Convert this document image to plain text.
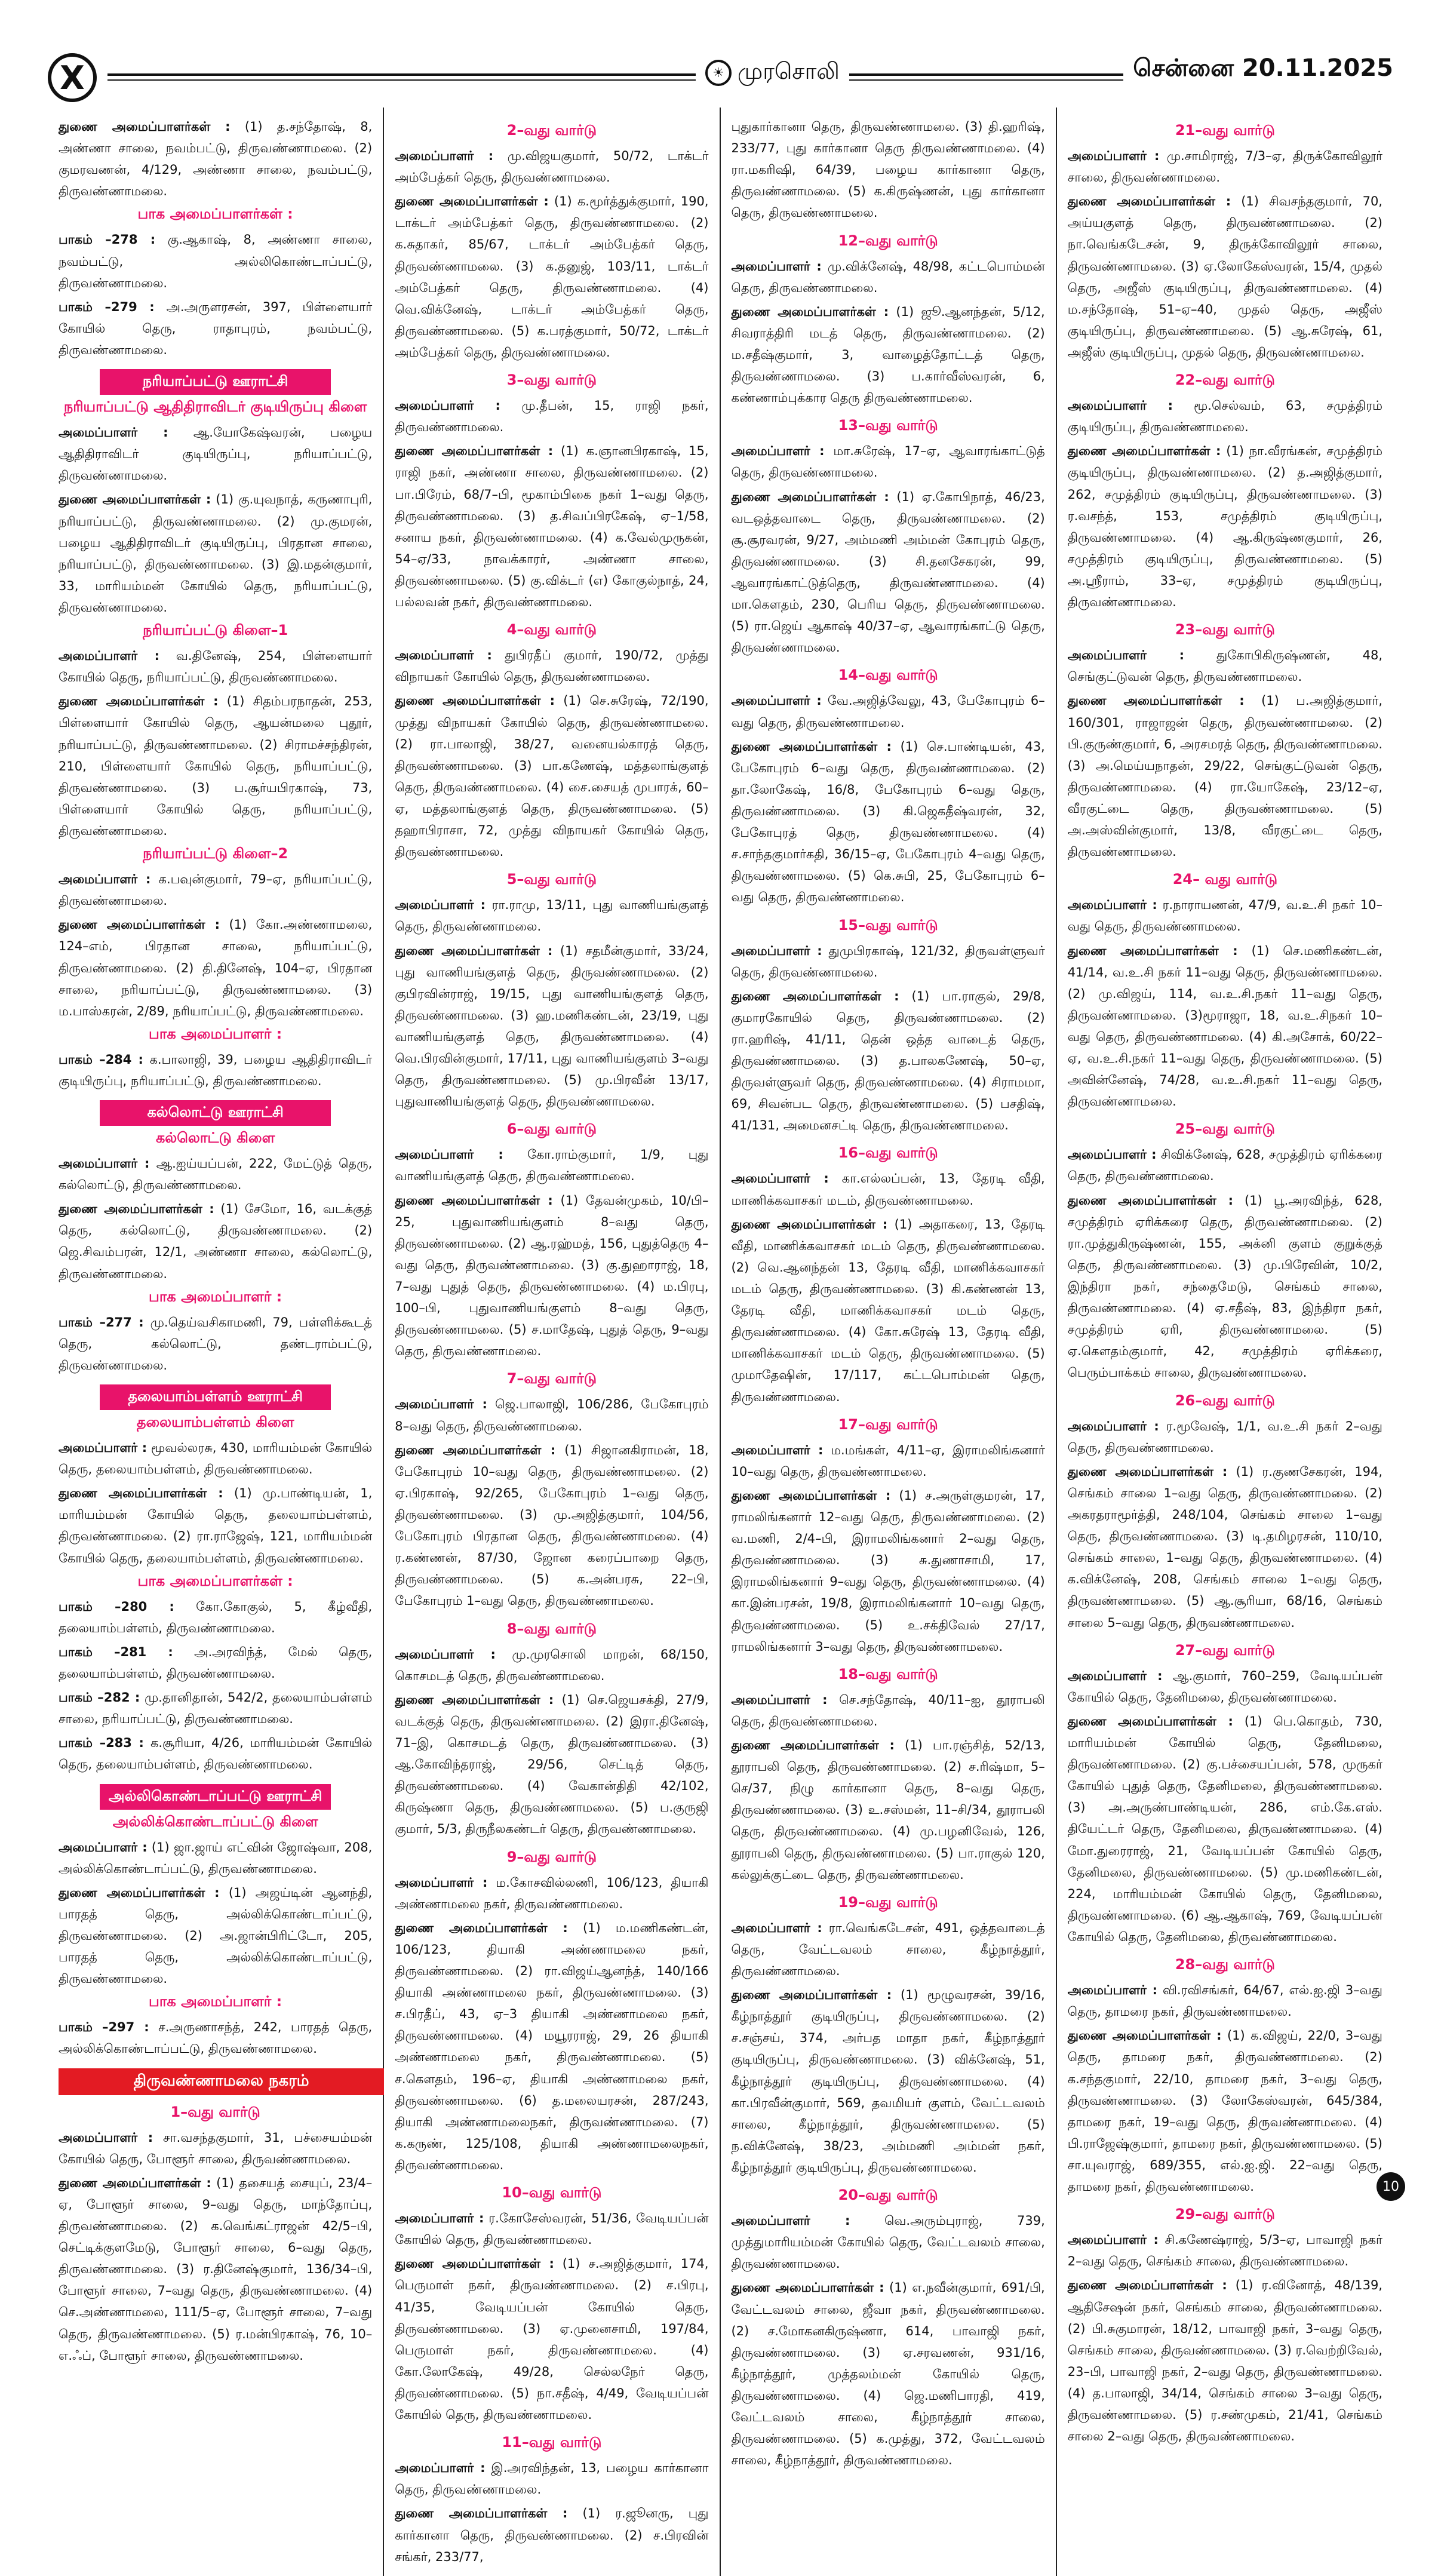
X	☀ முரசொலி	சென்னை 20.11.2025

துணை அமைப்பாளர்கள் : (1) த.சந்தோஷ், 8, அண்ணா சாலை, நவம்பட்டு, திருவண்ணாமலை. (2) குமரவணன், 4/129, அண்ணா சாலை, நவம்பட்டு, திருவண்ணாமலை.

பாக அமைப்பாளர்கள் :

பாகம் –278 : கு.ஆகாஷ், 8, அண்ணா சாலை, நவம்பட்டு, அல்லிகொண்டாப்பட்டு, திருவண்ணாமலை.

பாகம் –279 : அ.அருளரசன், 397, பிள்ளையார் கோயில் தெரு, ராதாபுரம், நவம்பட்டு, திருவண்ணாமலை.

நரியாப்பட்டு ஊராட்சி
நரியாப்பட்டு ஆதிதிராவிடர் குடியிருப்பு கிளை

அமைப்பாளர் : ஆ.யோகேஷ்வரன், பழைய ஆதிதிராவிடர் குடியிருப்பு, நரியாப்பட்டு, திருவண்ணாமலை.

துணை அமைப்பாளர்கள் : (1) கு.யுவநாத், கருணாபுரி, நரியாப்பட்டு, திருவண்ணாமலை. (2) மு.குமரன், பழைய ஆதிதிராவிடர் குடியிருப்பு, பிரதான சாலை, நரியாப்பட்டு, திருவண்ணாமலை. (3) இ.மதன்குமார், 33, மாரியம்மன் கோயில் தெரு, நரியாப்பட்டு, திருவண்ணாமலை.

நரியாப்பட்டு கிளை–1

அமைப்பாளர் : வ.தினேஷ், 254, பிள்ளையார் கோயில் தெரு, நரியாப்பட்டு, திருவண்ணாமலை.

துணை அமைப்பாளர்கள் : (1) சிதம்பரநாதன், 253, பிள்ளையார் கோயில் தெரு, ஆயன்மலை புதூர், நரியாப்பட்டு, திருவண்ணாமலை. (2) சிராமச்சந்திரன், 210, பிள்ளையார் கோயில் தெரு, நரியாப்பட்டு, திருவண்ணாமலை. (3) ப.சூர்யபிரகாஷ், 73, பிள்ளையார் கோயில் தெரு, நரியாப்பட்டு, திருவண்ணாமலை.

நரியாப்பட்டு கிளை–2

அமைப்பாளர் : க.பவுன்குமார், 79–ஏ, நரியாப்பட்டு, திருவண்ணாமலை.

துணை அமைப்பாளர்கள் : (1) கோ.அண்ணாமலை, 124–எம், பிரதான சாலை, நரியாப்பட்டு, திருவண்ணாமலை. (2) தி.தினேஷ், 104–ஏ, பிரதான சாலை, நரியாப்பட்டு, திருவண்ணாமலை. (3) ம.பாஸ்கரன், 2/89, நரியாப்பட்டு, திருவண்ணாமலை.

பாக அமைப்பாளர் :

பாகம் –284 : க.பாலாஜி, 39, பழைய ஆதிதிராவிடர் குடியிருப்பு, நரியாப்பட்டு, திருவண்ணாமலை.

கல்லொட்டு ஊராட்சி
கல்லொட்டு கிளை

அமைப்பாளர் : ஆ.ஐய்யப்பன், 222, மேட்டுத் தெரு, கல்லொட்டு, திருவண்ணாமலை.

துணை அமைப்பாளர்கள் : (1) சேமோ, 16, வடக்குத் தெரு, கல்லொட்டு, திருவண்ணாமலை. (2) ஜெ.சிவம்பரன், 12/1, அண்ணா சாலை, கல்லொட்டு, திருவண்ணாமலை.

பாக அமைப்பாளர் :

பாகம் –277 : மு.தெய்வசிகாமணி, 79, பள்ளிக்கூடத் தெரு, கல்லொட்டு, தண்டராம்பட்டு, திருவண்ணாமலை.

தலையாம்பள்ளம் ஊராட்சி
தலையாம்பள்ளம் கிளை

அமைப்பாளர் : மூவல்லரசு, 430, மாரியம்மன் கோயில் தெரு, தலையாம்பள்ளம், திருவண்ணாமலை.

துணை அமைப்பாளர்கள் : (1) மு.பாண்டியன், 1, மாரியம்மன் கோயில் தெரு, தலையாம்பள்ளம், திருவண்ணாமலை. (2) ரா.ராஜேஷ், 121, மாரியம்மன் கோயில் தெரு, தலையாம்பள்ளம், திருவண்ணாமலை.

பாக அமைப்பாளர்கள் :

பாகம் –280 : கோ.கோகுல், 5, கீழ்வீதி, தலையாம்பள்ளம், திருவண்ணாமலை.

பாகம் –281 : அ.அரவிந்த், மேல் தெரு, தலையாம்பள்ளம், திருவண்ணாமலை.

பாகம் –282 : மு.தானிதான், 542/2, தலையாம்பள்ளம் சாலை, நரியாப்பட்டு, திருவண்ணாமலை.

பாகம் –283 : க.சூரியா, 4/26, மாரியம்மன் கோயில் தெரு, தலையாம்பள்ளம், திருவண்ணாமலை.

அல்லிகொண்டாப்பட்டு ஊராட்சி
அல்லிக்கொண்டாப்பட்டு கிளை

அமைப்பாளர் : (1) ஜா.ஜாய் எட்வின் ஜோஷ்வா, 208, அல்லிக்கொண்டாப்பட்டு, திருவண்ணாமலை.

துணை அமைப்பாளர்கள் : (1) அஜய்டின் ஆனந்தி, பாரதத் தெரு, அல்லிக்கொண்டாப்பட்டு, திருவண்ணாமலை. (2) அ.ஜான்பிரிட்டோ, 205, பாரதத் தெரு, அல்லிக்கொண்டாப்பட்டு, திருவண்ணாமலை.

பாக அமைப்பாளர் :

பாகம் –297 : ச.அருணாசந்த், 242, பாரதத் தெரு, அல்லிக்கொண்டாப்பட்டு, திருவண்ணாமலை.

திருவண்ணாமலை நகரம்
1–வது வார்டு

அமைப்பாளர் : சா.வசந்தகுமார், 31, பச்சையம்மன் கோயில் தெரு, போளூர் சாலை, திருவண்ணாமலை.

துணை அமைப்பாளர்கள் : (1) தசையத் சையுப், 23/4–ஏ, போளூர் சாலை, 9–வது தெரு, மாந்தோப்பு, திருவண்ணாமலை. (2) க.வெங்கட்ராஜன் 42/5–பி, செட்டிக்குளமேடு, போளூர் சாலை, 6–வது தெரு, திருவண்ணாமலை. (3) ர.தினேஷ்குமார், 136/34–பி, போளூர் சாலை, 7–வது தெரு, திருவண்ணாமலை. (4) செ.அண்ணாமலை, 111/5–ஏ, போளூர் சாலை, 7–வது தெரு, திருவண்ணாமலை. (5) ர.மன்பிரகாஷ், 76, 10–எ.ஃப், போளூர் சாலை, திருவண்ணாமலை.

2–வது வார்டு

அமைப்பாளர் : மு.விஜயகுமார், 50/72, டாக்டர் அம்பேத்கர் தெரு, திருவண்ணாமலை.

துணை அமைப்பாளர்கள் : (1) க.மூர்த்துக்குமார், 190, டாக்டர் அம்பேத்கர் தெரு, திருவண்ணாமலை. (2) க.சுதாகர், 85/67, டாக்டர் அம்பேத்கர் தெரு, திருவண்ணாமலை. (3) க.தனுஜ், 103/11, டாக்டர் அம்பேத்கர் தெரு, திருவண்ணாமலை. (4) வெ.விக்னேஷ், டாக்டர் அம்பேத்கர் தெரு, திருவண்ணாமலை. (5) க.பரத்குமார், 50/72, டாக்டர் அம்பேத்கர் தெரு, திருவண்ணாமலை.

3–வது வார்டு

அமைப்பாளர் : மு.தீபன், 15, ராஜி நகர், திருவண்ணாமலை.

துணை அமைப்பாளர்கள் : (1) க.ஞானபிரகாஷ், 15, ராஜி நகர், அண்ணா சாலை, திருவண்ணாமலை. (2) பா.பிரேம், 68/7–பி, மூகாம்பிகை நகர் 1–வது தெரு, திருவண்ணாமலை. (3) த.சிவப்பிரகேஷ், ஏ–1/58, சனாய நகர், திருவண்ணாமலை. (4) க.வேல்முருகன், 54–ஏ/33, நாவக்காரர், அண்ணா சாலை, திருவண்ணாமலை. (5) கு.விக்டர் (எ) கோகுல்நாத், 24, பல்லவன் நகர், திருவண்ணாமலை.

4–வது வார்டு

அமைப்பாளர் : துபிரதீப் குமார், 190/72, முத்து விநாயகர் கோயில் தெரு, திருவண்ணாமலை.

துணை அமைப்பாளர்கள் : (1) செ.சுரேஷ், 72/190, முத்து விநாயகர் கோயில் தெரு, திருவண்ணாமலை. (2) ரா.பாலாஜி, 38/27, வனையல்காரத் தெரு, திருவண்ணாமலை. (3) பா.கணேஷ், மத்தலாங்குளத் தெரு, திருவண்ணாமலை. (4) சை.சையத் முபாரக், 60–ஏ, மத்தலாங்குளத் தெரு, திருவண்ணாமலை. (5) தஹாபிராசா, 72, முத்து விநாயகர் கோயில் தெரு, திருவண்ணாமலை.

5–வது வார்டு

அமைப்பாளர் : ரா.ராமு, 13/11, புது வாணியங்குளத் தெரு, திருவண்ணாமலை.

துணை அமைப்பாளர்கள் : (1) சதமீன்குமார், 33/24, புது வாணியங்குளத் தெரு, திருவண்ணாமலை. (2) குபிரவின்ராஜ், 19/15, புது வாணியங்குளத் தெரு, திருவண்ணாமலை. (3) ஹ.மணிகண்டன், 23/19, புது வாணியங்குளத் தெரு, திருவண்ணாமலை. (4) வெ.பிரவின்குமார், 17/11, புது வாணியங்குளம் 3–வது தெரு, திருவண்ணாமலை. (5) மு.பிரவீன் 13/17, புதுவாணியங்குளத் தெரு, திருவண்ணாமலை.

6–வது வார்டு

அமைப்பாளர் : கோ.ராம்குமார், 1/9, புது வாணியங்குளத் தெரு, திருவண்ணாமலை.

துணை அமைப்பாளர்கள் : (1) தேவன்முகம், 10/பி–25, புதுவாணியங்குளம் 8–வது தெரு, திருவண்ணாமலை. (2) ஆ.ரஹ்மத், 156, புதுத்தெரு 4–வது தெரு, திருவண்ணாமலை. (3) கு.துஹாராஜ், 18, 7–வது புதுத் தெரு, திருவண்ணாமலை. (4) ம.பிரபு, 100–பி, புதுவாணியங்குளம் 8–வது தெரு, திருவண்ணாமலை. (5) ச.மாதேஷ், புதுத் தெரு, 9–வது தெரு, திருவண்ணாமலை.

7–வது வார்டு

அமைப்பாளர் : ஜெ.பாலாஜி, 106/286, பேகோபுரம் 8–வது தெரு, திருவண்ணாமலை.

துணை அமைப்பாளர்கள் : (1) சிஜானகிராமன், 18, பேகோபுரம் 10–வது தெரு, திருவண்ணாமலை. (2) ஏ.பிரகாஷ், 92/265, பேகோபுரம் 1–வது தெரு, திருவண்ணாமலை. (3) மு.அஜித்குமார், 104/56, பேகோபுரம் பிரதான தெரு, திருவண்ணாமலை. (4) ர.கண்ணன், 87/30, ஜோன கரைப்பாறை தெரு, திருவண்ணாமலை. (5) க.அன்பரசு, 22–பி, பேகோபுரம் 1–வது தெரு, திருவண்ணாமலை.

8–வது வார்டு

அமைப்பாளர் : மு.முரசொலி மாறன், 68/150, கொசமடத் தெரு, திருவண்ணாமலை.

துணை அமைப்பாளர்கள் : (1) செ.ஜெயசக்தி, 27/9, வடக்குத் தெரு, திருவண்ணாமலை. (2) இரா.தினேஷ், 71–இ, கொசமடத் தெரு, திருவண்ணாமலை. (3) ஆ.கோவிந்தராஜ், 29/56, செட்டித் தெரு, திருவண்ணாமலை. (4) வேகான்திதி 42/102, கிருஷ்ணா தெரு, திருவண்ணாமலை. (5) ப.குருஜி குமார், 5/3, திருநீலகண்டர் தெரு, திருவண்ணாமலை.

9–வது வார்டு

அமைப்பாளர் : ம.கோசவில்லணி, 106/123, தியாகி அண்ணாமலை நகர், திருவண்ணாமலை.

துணை அமைப்பாளர்கள் : (1) ம.மணிகண்டன், 106/123, தியாகி அண்ணாமலை நகர், திருவண்ணாமலை. (2) ரா.விஜய்ஆனந்த், 140/166 தியாகி அண்ணாமலை நகர், திருவண்ணாமலை. (3) ச.பிரதீப், 43, ஏ–3 தியாகி அண்ணாமலை நகர், திருவண்ணாமலை. (4) மயூரராஜ், 29, 26 தியாகி அண்ணாமலை நகர், திருவண்ணாமலை. (5) ச.கௌதம், 196–ஏ, தியாகி அண்ணாமலை நகர், திருவண்ணாமலை. (6) த.மலையரசன், 287/243, தியாகி அண்ணாமலைநகர், திருவண்ணாமலை. (7) க.கருண், 125/108, தியாகி அண்ணாமலைநகர், திருவண்ணாமலை.

10–வது வார்டு

அமைப்பாளர் : ர.கோசேஸ்வரன், 51/36, வேடியப்பன் கோயில் தெரு, திருவண்ணாமலை.

துணை அமைப்பாளர்கள் : (1) ச.அஜித்குமார், 174, பெருமாள் நகர், திருவண்ணாமலை. (2) ச.பிரபு, 41/35, வேடியப்பன் கோயில் தெரு, திருவண்ணாமலை. (3) ஏ.முனைசாமி, 197/84, பெருமாள் நகர், திருவண்ணாமலை. (4) கோ.லோகேஷ், 49/28, செல்லநேர் தெரு, திருவண்ணாமலை. (5) நா.சதீஷ், 4/49, வேடியப்பன் கோயில் தெரு, திருவண்ணாமலை.

11–வது வார்டு

அமைப்பாளர் : இ.அரவிந்தன், 13, பழைய கார்கானா தெரு, திருவண்ணாமலை.

துணை அமைப்பாளர்கள் : (1) ர.ஜூனரு, புது கார்கானா தெரு, திருவண்ணாமலை. (2) ச.பிரவின் சங்கர், 233/77,

புதுகார்கானா தெரு, திருவண்ணாமலை. (3) தி.ஹரிஷ், 233/77, புது கார்கானா தெரு திருவண்ணாமலை. (4) ரா.மகரிஷி, 64/39, பழைய கார்கானா தெரு, திருவண்ணாமலை. (5) க.கிருஷ்ணன், புது கார்கானா தெரு, திருவண்ணாமலை.

12–வது வார்டு

அமைப்பாளர் : மு.விக்னேஷ், 48/98, கட்டபொம்மன் தெரு, திருவண்ணாமலை.

துணை அமைப்பாளர்கள் : (1) ஜூ.ஆனந்தன், 5/12, சிவராத்திரி மடத் தெரு, திருவண்ணாமலை. (2) ம.சதீஷ்குமார், 3, வாழைத்தோட்டத் தெரு, திருவண்ணாமலை. (3) ப.கார்வீஸ்வரன், 6, கண்ணாம்புக்கார தெரு திருவண்ணாமலை.

13–வது வார்டு

அமைப்பாளர் : மா.சுரேஷ், 17–ஏ, ஆவாரங்காட்டுத் தெரு, திருவண்ணாமலை.

துணை அமைப்பாளர்கள் : (1) ஏ.கோபிநாத், 46/23, வடஒத்தவாடை தெரு, திருவண்ணாமலை. (2) சூ.சூரவரன், 9/27, அம்மணி அம்மன் கோபுரம் தெரு, திருவண்ணாமலை. (3) சி.தனசேகரன், 99, ஆவாரங்காட்டுத்தெரு, திருவண்ணாமலை. (4) மா.கௌதம், 230, பெரிய தெரு, திருவண்ணாமலை. (5) ரா.ஜெய் ஆகாஷ் 40/37–ஏ, ஆவாரங்காட்டு தெரு, திருவண்ணாமலை.

14–வது வார்டு

அமைப்பாளர் : வே.அஜித்வேலு, 43, பேகோபுரம் 6–வது தெரு, திருவண்ணாமலை.

துணை அமைப்பாளர்கள் : (1) செ.பாண்டியன், 43, பேகோபுரம் 6–வது தெரு, திருவண்ணாமலை. (2) தா.லோகேஷ், 16/8, பேகோபுரம் 6–வது தெரு, திருவண்ணாமலை. (3) கி.ஜெகதீஷ்வரன், 32, பேகோபுரத் தெரு, திருவண்ணாமலை. (4) ச.சாந்தகுமார்கதி, 36/15–ஏ, பேகோபுரம் 4–வது தெரு, திருவண்ணாமலை. (5) கெ.சுபி, 25, பேகோபுரம் 6–வது தெரு, திருவண்ணாமலை.

15–வது வார்டு

அமைப்பாளர் : துமுபிரகாஷ், 121/32, திருவள்ளுவர் தெரு, திருவண்ணாமலை.

துணை அமைப்பாளர்கள் : (1) பா.ராகுல், 29/8, குமாரகோயில் தெரு, திருவண்ணாமலை. (2) ரா.ஹரிஷ், 41/11, தென் ஒத்த வாடைத் தெரு, திருவண்ணாமலை. (3) த.பாலகணேஷ், 50–ஏ, திருவள்ளுவர் தெரு, திருவண்ணாமலை. (4) சிராமமா, 69, சிவன்பட தெரு, திருவண்ணாமலை. (5) பசதிஷ், 41/131, அமைனசட்டி தெரு, திருவண்ணாமலை.

16–வது வார்டு

அமைப்பாளர் : கா.எல்லப்பன், 13, தேரடி வீதி, மாணிக்கவாசகர் மடம், திருவண்ணாமலை.

துணை அமைப்பாளர்கள் : (1) அதாகரை, 13, தேரடி வீதி, மாணிக்கவாசகர் மடம் தெரு, திருவண்ணாமலை. (2) வெ.ஆனந்தன் 13, தேரடி வீதி, மாணிக்கவாசகர் மடம் தெரு, திருவண்ணாமலை. (3) கி.கண்ணன் 13, தேரடி வீதி, மாணிக்கவாசகர் மடம் தெரு, திருவண்ணாமலை. (4) கோ.சுரேஷ் 13, தேரடி வீதி, மாணிக்கவாசகர் மடம் தெரு, திருவண்ணாமலை. (5) முமாதேஷின், 17/117, கட்டபொம்மன் தெரு, திருவண்ணாமலை.

17–வது வார்டு

அமைப்பாளர் : ம.மங்கள், 4/11–ஏ, இராமலிங்கனார் 10–வது தெரு, திருவண்ணாமலை.

துணை அமைப்பாளர்கள் : (1) ச.அருள்குமரன், 17, ராமலிங்கனார் 12–வது தெரு, திருவண்ணாமலை. (2) வ.மணி, 2/4–பி, இராமலிங்கனார் 2–வது தெரு, திருவண்ணாமலை. (3) சு.துணாசாமி, 17, இராமலிங்கனார் 9–வது தெரு, திருவண்ணாமலை. (4) கா.இன்பரசன், 19/8, இராமலிங்கனார் 10–வது தெரு, திருவண்ணாமலை. (5) உ.சக்திவேல் 27/17, ராமலிங்கனார் 3–வது தெரு, திருவண்ணாமலை.

18–வது வார்டு

அமைப்பாளர் : செ.சந்தோஷ், 40/11–ஐ, தூராபலி தெரு, திருவண்ணாமலை.

துணை அமைப்பாளர்கள் : (1) பா.ரஞ்சித், 52/13, தூராபலி தெரு, திருவண்ணாமலை. (2) ச.ரிஷ்மா, 5–செ/37, நிழு கார்கானா தெரு, 8–வது தெரு, திருவண்ணாமலை. (3) உ.சஸ்மன், 11–சி/34, தூராபலி தெரு, திருவண்ணாமலை. (4) மு.பழனிவேல், 126, தூராபலி தெரு, திருவண்ணாமலை. (5) பா.ராகுல் 120, கல்லுக்குட்டை தெரு, திருவண்ணாமலை.

19–வது வார்டு

அமைப்பாளர் : ரா.வெங்கடேசன், 491, ஒத்தவாடைத் தெரு, வேட்டவலம் சாலை, கீழ்நாத்தூர், திருவண்ணாமலை.

துணை அமைப்பாளர்கள் : (1) மூழுவரசன், 39/16, கீழ்நாத்தூர் குடியிருப்பு, திருவண்ணாமலை. (2) ச.சஞ்சய், 374, அர்பத மாதா நகர், கீழ்நாத்தூர் குடியிருப்பு, திருவண்ணாமலை. (3) விக்னேஷ், 51, கீழ்நாத்தூர் குடியிருப்பு, திருவண்ணாமலை. (4) கா.பிரவீன்குமார், 569, தவமியர் குளம், வேட்டவலம் சாலை, கீழ்நாத்தூர், திருவண்ணாமலை. (5) ந.விக்னேஷ், 38/23, அம்மணி அம்மன் நகர், கீழ்நாத்தூர் குடியிருப்பு, திருவண்ணாமலை.

20–வது வார்டு

அமைப்பாளர் :	வெ.அரும்புராஜ், 739, முத்துமாரியம்மன் கோயில் தெரு, வேட்டவலம் சாலை, திருவண்ணாமலை.

துணை அமைப்பாளர்கள் : (1) எ.நவீன்குமார், 691/பி, வேட்டவலம் சாலை, ஜீவா நகர், திருவண்ணாமலை. (2) ச.மோகனகிருஷ்ணா, 614, பாவாஜி நகர், திருவண்ணாமலை. (3) ஏ.சரவணன், 931/16, கீழ்நாத்தூர், முத்தலம்மன் கோயில் தெரு, திருவண்ணாமலை. (4) ஜெ.மணிபாரதி, 419, வேட்டவலம் சாலை, கீழ்நாத்தூர் சாலை, திருவண்ணாமலை. (5) க.முத்து, 372, வேட்டவலம் சாலை, கீழ்நாத்தூர், திருவண்ணாமலை.

21–வது வார்டு

அமைப்பாளர் : மு.சாமிராஜ், 7/3–ஏ, திருக்கோவிலூர் சாலை, திருவண்ணாமலை.

துணை அமைப்பாளர்கள் : (1) சிவசந்தகுமார், 70, அய்யகுளத் தெரு, திருவண்ணாமலை. (2) நா.வெங்கடேசன், 9, திருக்கோவிலூர் சாலை, திருவண்ணாமலை. (3) ஏ.லோகேஸ்வரன், 15/4, முதல் தெரு, அஜீஸ் குடியிருப்பு, திருவண்ணாமலை. (4) ம.சந்தோஷ், 51–ஏ–40, முதல் தெரு, அஜீஸ் குடியிருப்பு, திருவண்ணாமலை. (5) ஆ.சுரேஷ், 61, அஜீஸ் குடியிருப்பு, முதல் தெரு, திருவண்ணாமலை.

22–வது வார்டு

அமைப்பாளர் : மூ.செல்வம், 63, சமுத்திரம் குடியிருப்பு, திருவண்ணாமலை.

துணை அமைப்பாளர்கள் : (1) நா.வீரங்கன், சமுத்திரம் குடியிருப்பு, திருவண்ணாமலை. (2) த.அஜித்குமார், 262, சமுத்திரம் குடியிருப்பு, திருவண்ணாமலை. (3) ர.வசந்த், 153, சமுத்திரம் குடியிருப்பு, திருவண்ணாமலை. (4) ஆ.கிருஷ்ணகுமார், 26, சமுத்திரம் குடியிருப்பு, திருவண்ணாமலை. (5) அ.ஸ்ரீராம், 33–ஏ, சமுத்திரம் குடியிருப்பு, திருவண்ணாமலை.

23–வது வார்டு

அமைப்பாளர் :	துகோபிகிருஷ்ணன், 48, செங்குட்டுவன் தெரு, திருவண்ணாமலை.

துணை அமைப்பாளர்கள் : (1) ப.அஜித்குமார், 160/301, ராஜாஜன் தெரு, திருவண்ணாமலை. (2) பி.குருண்குமார், 6, அரசமரத் தெரு, திருவண்ணாமலை. (3) அ.மெய்யநாதன், 29/22, செங்குட்டுவன் தெரு, திருவண்ணாமலை. (4) ரா.யோகேஷ், 23/12–ஏ, வீரகுட்டை தெரு, திருவண்ணாமலை. (5) அ.அஸ்வின்குமார், 13/8, வீரகுட்டை தெரு, திருவண்ணாமலை.

24– வது வார்டு

அமைப்பாளர் : ர.நாராயணன், 47/9, வ.உ.சி நகர் 10–வது தெரு, திருவண்ணாமலை.

துணை அமைப்பாளர்கள் : (1) செ.மணிகண்டன், 41/14, வ.உ.சி நகர் 11–வது தெரு, திருவண்ணாமலை. (2) மு.விஜய், 114, வ.உ.சி.நகர் 11–வது தெரு, திருவண்ணாமலை. (3)மூராஜா, 18, வ.உ.சிநகர் 10–வது தெரு, திருவண்ணாமலை. (4) கி.அசோக், 60/22–ஏ, வ.உ.சி.நகர் 11–வது தெரு, திருவண்ணாமலை. (5) அவின்னேஷ், 74/28, வ.உ.சி.நகர் 11–வது தெரு, திருவண்ணாமலை.

25–வது வார்டு

அமைப்பாளர் : சிவிக்னேஷ், 628, சமுத்திரம் ஏரிக்கரை தெரு, திருவண்ணாமலை.

துணை அமைப்பாளர்கள் : (1) பூ.அரவிந்த், 628, சமுத்திரம் ஏரிக்கரை தெரு, திருவண்ணாமலை. (2) ரா.முத்துகிருஷ்ணன், 155, அக்னி குளம் குறுக்குத் தெரு, திருவண்ணாமலை. (3) மு.பிரேவின், 10/2, இந்திரா நகர், சந்தைமேடு, செங்கம் சாலை, திருவண்ணாமலை. (4) ஏ.சதீஷ், 83, இந்திரா நகர், சமுத்திரம் ஏரி, திருவண்ணாமலை. (5) ஏ.கௌதம்குமார், 42, சமுத்திரம் ஏரிக்கரை, பெரும்பாக்கம் சாலை, திருவண்ணாமலை.

26–வது வார்டு

அமைப்பாளர் : ர.மூவேஷ், 1/1, வ.உ.சி நகர் 2–வது தெரு, திருவண்ணாமலை.

துணை அமைப்பாளர்கள் : (1) ர.குணசேகரன், 194, செங்கம் சாலை 1–வது தெரு, திருவண்ணாமலை. (2) அகரதராமூர்த்தி, 248/104, செங்கம் சாலை 1–வது தெரு, திருவண்ணாமலை. (3) டி.தமிழரசன், 110/10, செங்கம் சாலை, 1–வது தெரு, திருவண்ணாமலை. (4) க.விக்னேஷ், 208, செங்கம் சாலை 1–வது தெரு, திருவண்ணாமலை. (5) ஆ.சூரியா, 68/16, செங்கம் சாலை 5–வது தெரு, திருவண்ணாமலை.

27–வது வார்டு

அமைப்பாளர் : ஆ.குமார், 760–259, வேடியப்பன் கோயில் தெரு, தேனிமலை, திருவண்ணாமலை.

துணை அமைப்பாளர்கள் : (1) பெ.கொதம், 730, மாரியம்மன் கோயில் தெரு, தேனிமலை, திருவண்ணாமலை. (2) கு.பச்சையப்பன், 578, முருகர் கோயில் புதுத் தெரு, தேனிமலை, திருவண்ணாமலை. (3) அ.அருண்பாண்டியன், 286, எம்.கே.எஸ். தியேட்டர் தெரு, தேனிமலை, திருவண்ணாமலை. (4) மோ.துரைராஜ், 21, வேடியப்பன் கோயில் தெரு, தேனிமலை, திருவண்ணாமலை. (5) மு.மணிகண்டன், 224, மாரியம்மன் கோயில் தெரு, தேனிமலை, திருவண்ணாமலை. (6) ஆ.ஆகாஷ், 769, வேடியப்பன் கோயில் தெரு, தேனிமலை, திருவண்ணாமலை.

28–வது வார்டு

அமைப்பாளர் : வி.ரவிசங்கர், 64/67, எல்.ஐ.ஜி 3–வது தெரு, தாமரை நகர், திருவண்ணாமலை.

துணை அமைப்பாளர்கள் : (1) க.விஜய், 22/0, 3–வது தெரு, தாமரை நகர், திருவண்ணாமலை. (2) க.சந்தகுமார், 22/10, தாமரை நகர், 3–வது தெரு, திருவண்ணாமலை. (3) லோகேஸ்வரன், 645/384, தாமரை நகர், 19–வது தெரு, திருவண்ணாமலை. (4) பி.ராஜேஷ்குமார், தாமரை நகர், திருவண்ணாமலை. (5) சா.யுவராஜ், 689/355, எல்.ஐ.ஜி. 22–வது தெரு, தாமரை நகர், திருவண்ணாமலை.

29–வது வார்டு

அமைப்பாளர் : சி.கணேஷ்ராஜ், 5/3–ஏ, பாவாஜி நகர் 2–வது தெரு, செங்கம் சாலை, திருவண்ணாமலை.

துணை அமைப்பாளர்கள் : (1) ர.வினோத், 48/139, ஆதிசேஷன் நகர், செங்கம் சாலை, திருவண்ணாமலை. (2) பி.சுகுமாரன், 18/12, பாவாஜி நகர், 3–வது தெரு, செங்கம் சாலை, திருவண்ணாமலை. (3) ர.வெற்றிவேல், 23–பி, பாவாஜி நகர், 2–வது தெரு, திருவண்ணாமலை. (4) த.பாலாஜி, 34/14, செங்கம் சாலை 3–வது தெரு, திருவண்ணாமலை. (5) ர.சண்முகம், 21/41, செங்கம் சாலை 2–வது தெரு, திருவண்ணாமலை.

10
